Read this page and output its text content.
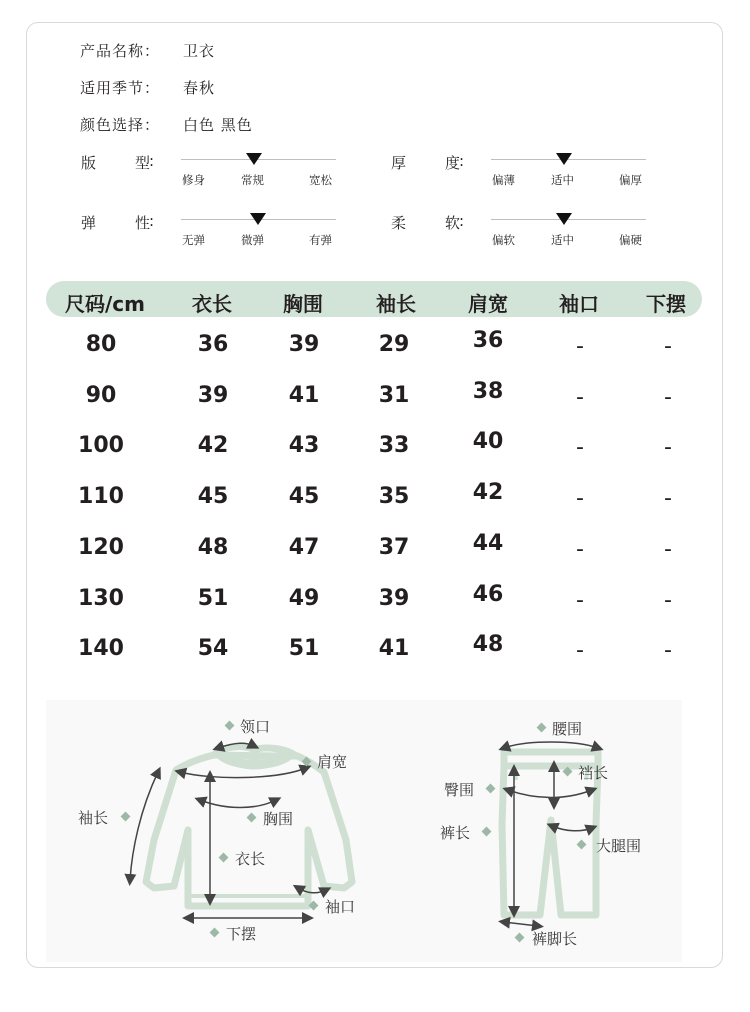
产品名称： 卫衣
适用季节： 春秋
颜色选择： 白色 黑色
版	型
:
修身	常规	宽松
厚	度
:
偏薄	适中	偏厚
弹	性
:
无弹	微弹	有弹
柔	软
:
偏软	适中	偏硬
尺码/cm	衣长	胸围	袖长	肩宽	袖口	下摆
80	36	39	29	36	-	-
90	39	41	31	38	-	-
100	42	43	33	40	-	-
110	45	45	35	42	-	-
120	48	47	37	44	-	-
130	51	49	39	46	-	-
140	54	51	41	48	-	-
领口
肩宽
袖长	胸围
衣长
袖口
下摆
腰围
裆长
臀围
裤长
大腿围
裤脚长
